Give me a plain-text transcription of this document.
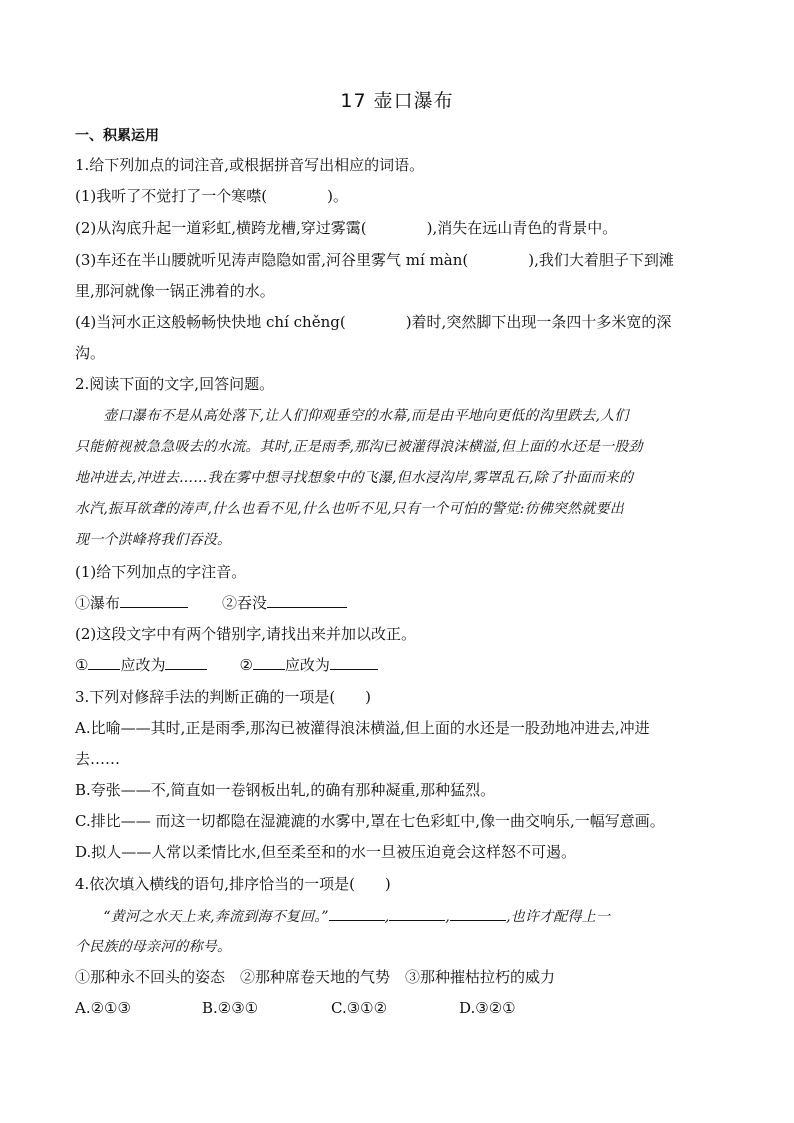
17 壶口瀑布
一、积累运用
1.给下列加点的词注音,或根据拼音写出相应的词语。
(1)我听了不觉打了一个寒噤(　　　　)。
(2)从沟底升起一道彩虹,横跨龙槽,穿过雾霭(　　　　),消失在远山青色的背景中。
(3)车还在半山腰就听见涛声隐隐如雷,河谷里雾气 mí màn(　　　　),我们大着胆子下到滩
里,那河就像一锅正沸着的水。
(4)当河水正这般畅畅快快地 chí chěng(　　　　)着时,突然脚下出现一条四十多米宽的深
沟。
2.阅读下面的文字,回答问题。
　　壶口瀑布不是从高处落下,让人们仰观垂空的水幕,而是由平地向更低的沟里跌去,人们
只能俯视被急急吸去的水流。其时,正是雨季,那沟已被灌得浪沫横溢,但上面的水还是一股劲
地冲进去,冲进去……我在雾中想寻找想象中的飞瀑,但水浸沟岸,雾罩乱石,除了扑面而来的
水汽,振耳欲聋的涛声,什么也看不见,什么也听不见,只有一个可怕的警觉:彷佛突然就要出
现一个洪峰将我们吞没。
(1)给下列加点的字注音。
①瀑布	②吞没
(2)这段文字中有两个错别字,请找出来并加以改正。
① 应改为	② 应改为
3.下列对修辞手法的判断正确的一项是(　　)
A.比喻——其时,正是雨季,那沟已被灌得浪沫横溢,但上面的水还是一股劲地冲进去,冲进
去……
B.夸张——不,简直如一卷钢板出轧,的确有那种凝重,那种猛烈。
C.排比—— 而这一切都隐在湿漉漉的水雾中,罩在七色彩虹中,像一曲交响乐,一幅写意画。
D.拟人——人常以柔情比水,但至柔至和的水一旦被压迫竟会这样怒不可遏。
4.依次填入横线的语句,排序恰当的一项是(　　)
　　“黄河之水天上来,奔流到海不复回。”	,	,	,也许才配得上一
个民族的母亲河的称号。
①那种永不回头的姿态　②那种席卷天地的气势　③那种摧枯拉朽的威力
A.②①③	B.②③①	C.③①②	D.③②①
